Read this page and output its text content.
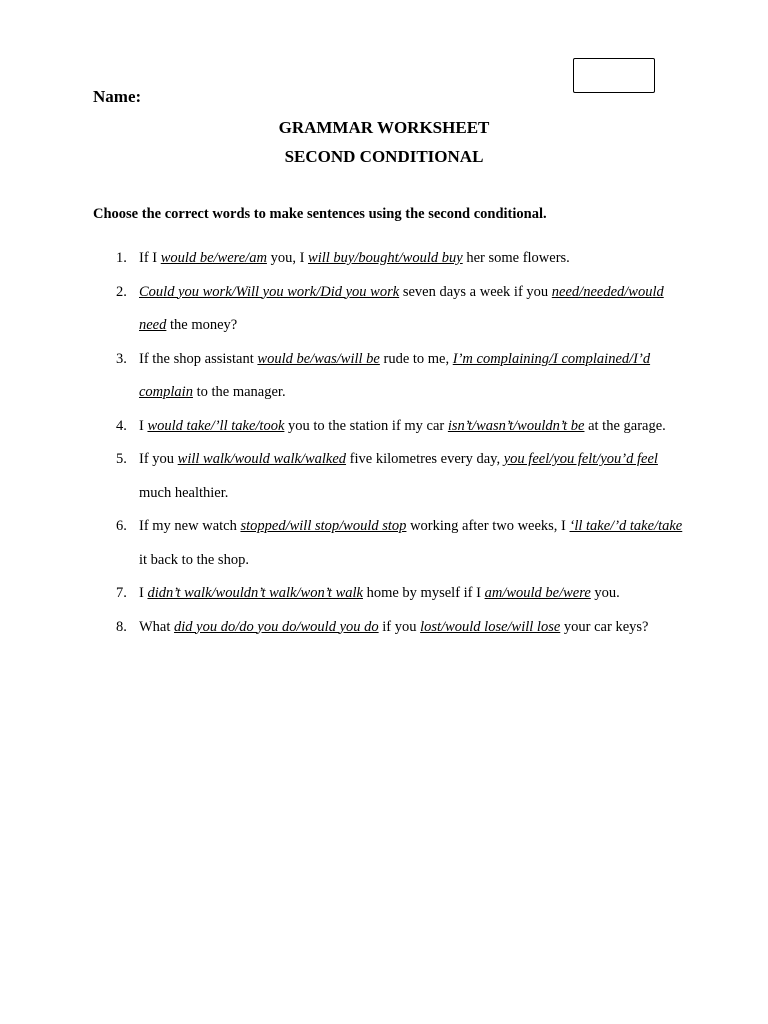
Name:
GRAMMAR WORKSHEET
SECOND CONDITIONAL
Choose the correct words to make sentences using the second conditional.
1. If I would be/were/am you, I will buy/bought/would buy her some flowers.
2. Could you work/Will you work/Did you work seven days a week if you need/needed/would need the money?
3. If the shop assistant would be/was/will be rude to me, I’m complaining/I complained/I’d complain to the manager.
4. I would take/’ll take/took you to the station if my car isn’t/wasn’t/wouldn’t be at the garage.
5. If you will walk/would walk/walked five kilometres every day, you feel/you felt/you’d feel much healthier.
6. If my new watch stopped/will stop/would stop working after two weeks, I ‘ll take/’d take/take it back to the shop.
7. I didn’t walk/wouldn’t walk/won’t walk home by myself if I am/would be/were you.
8. What did you do/do you do/would you do if you lost/would lose/will lose your car keys?
